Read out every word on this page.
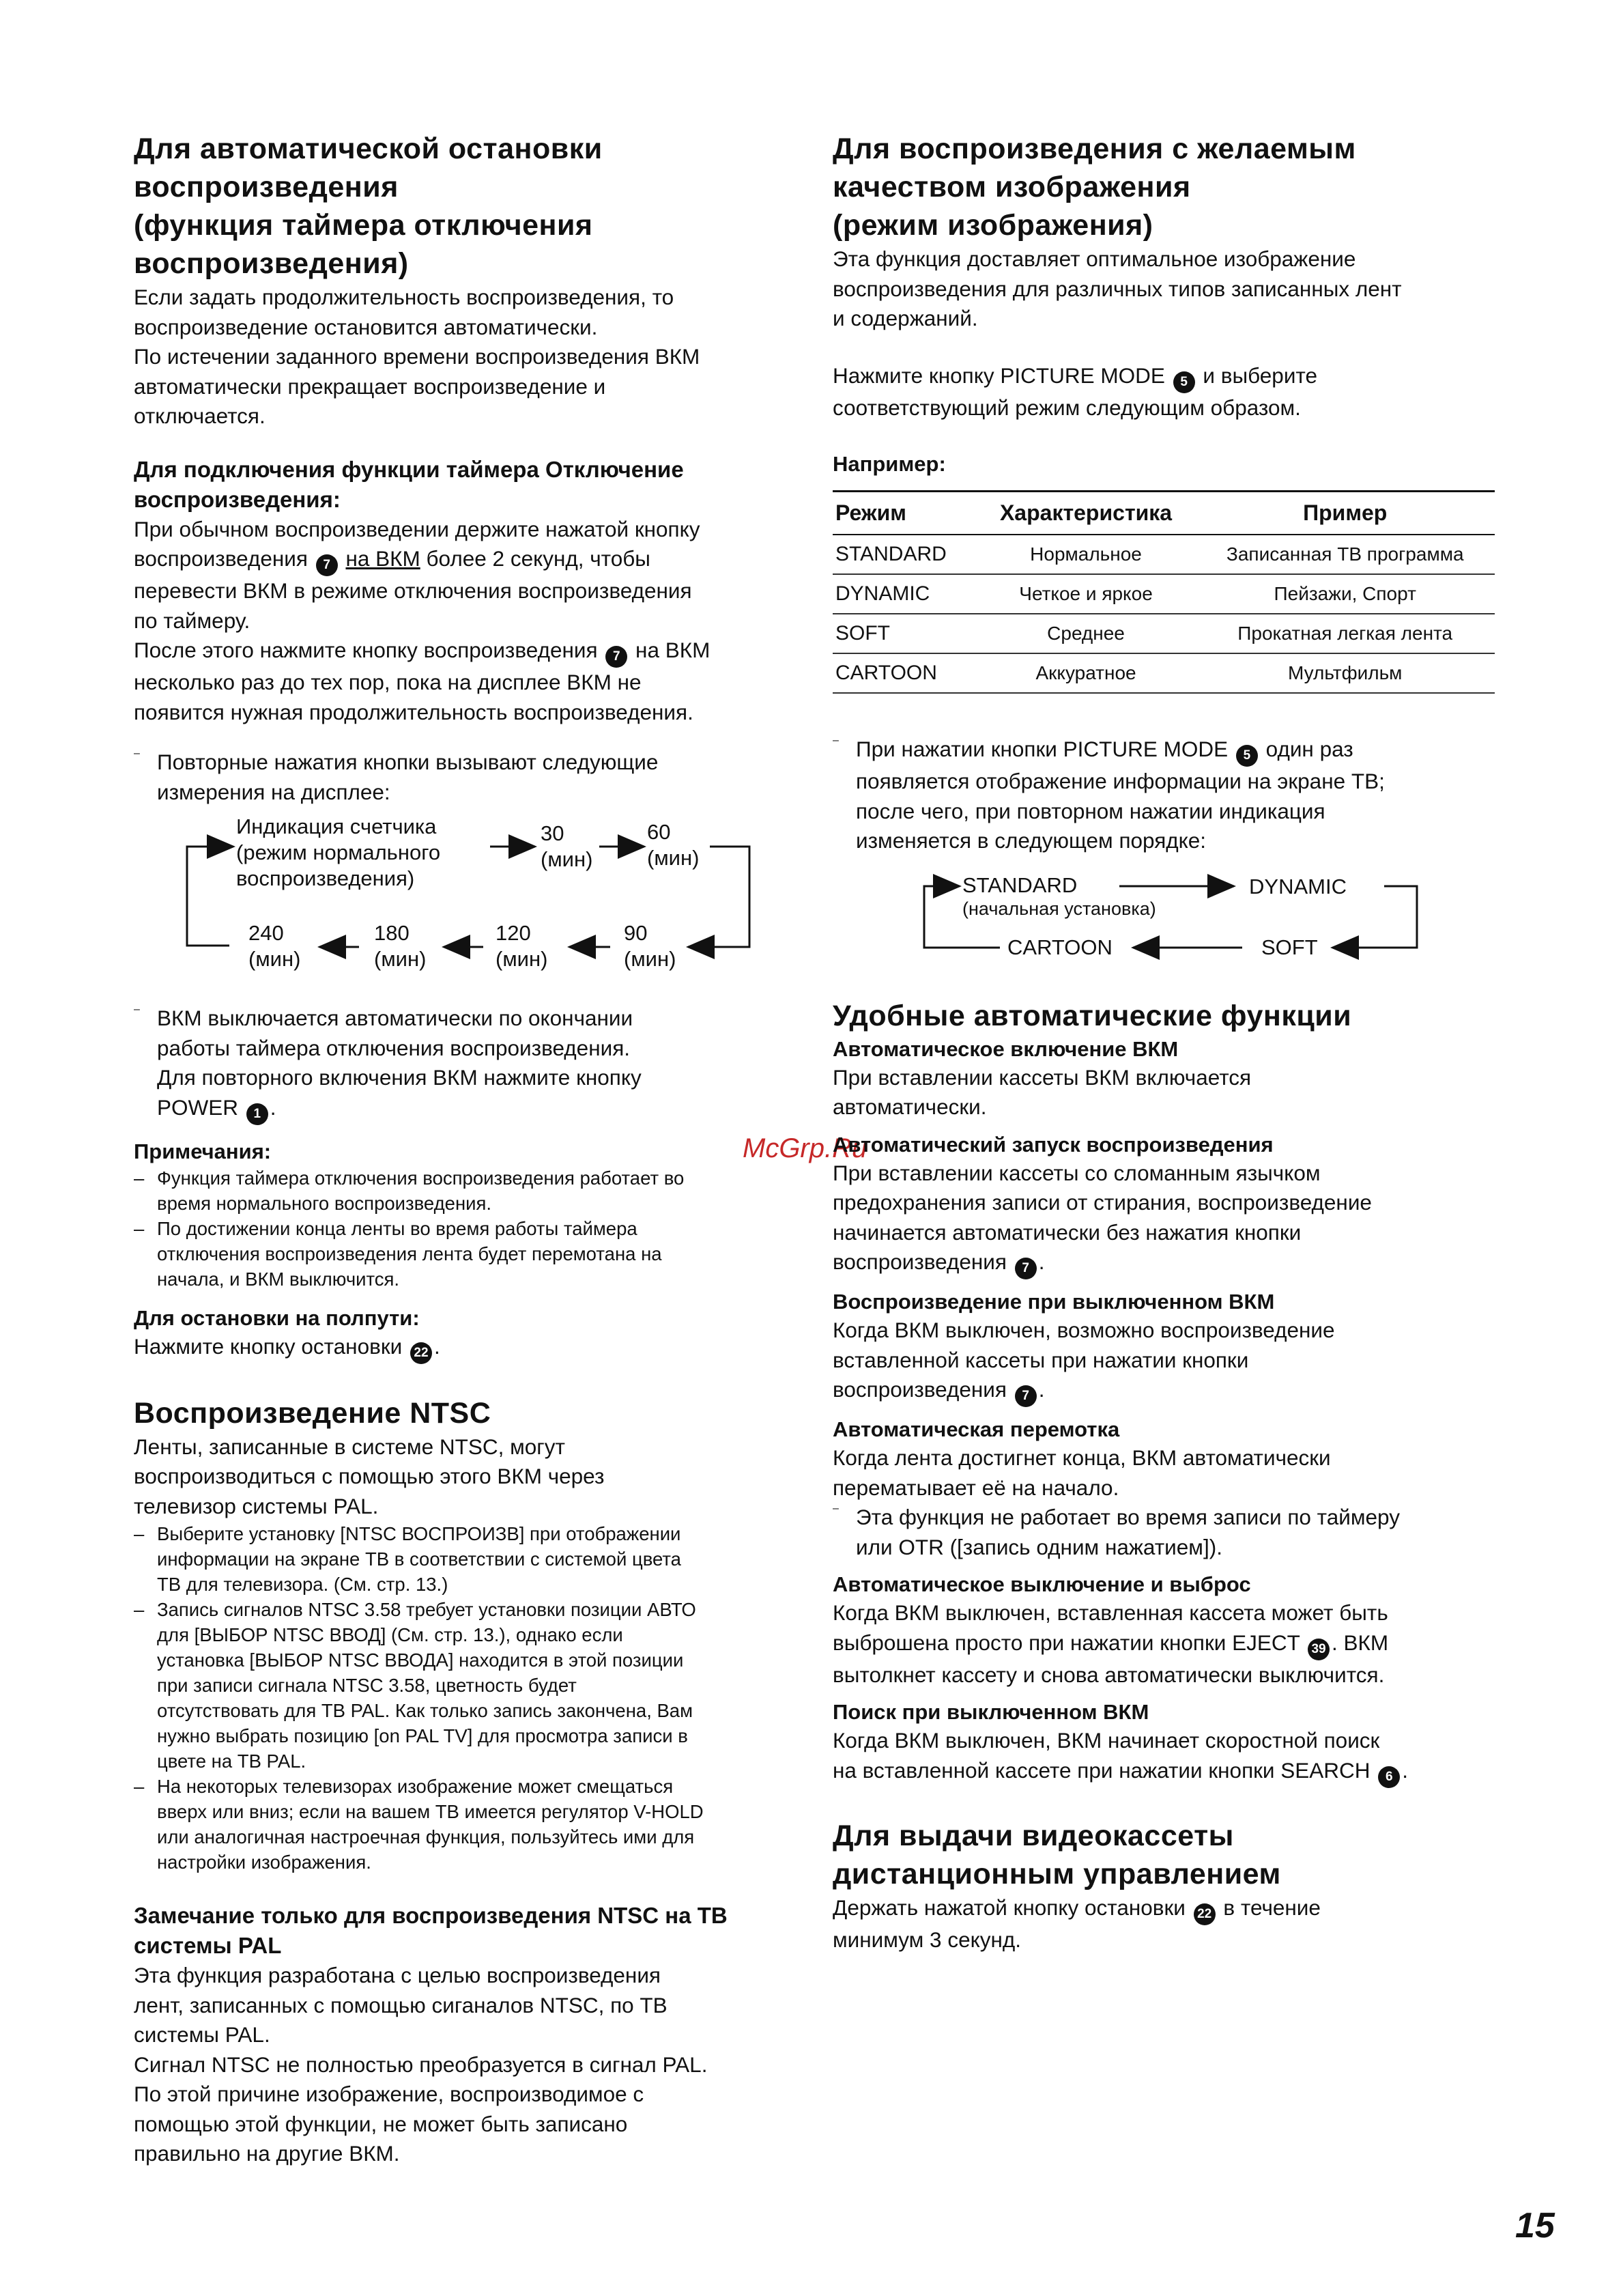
McGrp.Ru
Для автоматической остановки
воспроизведения
(функция таймера отключения
воспроизведения)

Если задать продолжительность воспроизведения, то

воспроизведение остановится автоматически.

По истечении заданного времени воспроизведения ВКМ

автоматически прекращает воспроизведение и

отключается.

Для подключения функции таймера Отключение
воспроизведения:

При обычном воспроизведении держите нажатой кнопку

воспроизведения 7 на ВКМ более 2 секунд, чтобы

перевести ВКМ в режиме отключения воспроизведения

по таймеру.

После этого нажмите кнопку воспроизведения 7 на ВКМ

несколько раз до тех пор, пока на дисплее ВКМ не

появится нужная продолжительность воспроизведения.

– Повторные нажатия кнопки вызывают следующие

измерения на дисплее:

Индикация счетчика
(режим нормального
воспроизведения)
30
(мин)
60
(мин)
90
(мин)
120
(мин)
180
(мин)
240
(мин)

– ВКМ выключается автоматически по окончании

работы таймера отключения воспроизведения.

Для повторного включения ВКМ нажмите кнопку

POWER 1 .

Примечания:
– Функция таймера отключения воспроизведения работает во
время нормального воспроизведения.
– По достижении конца ленты во время работы таймера
отключения воспроизведения лента будет перемотана на
начала, и ВКМ выключится.
Для остановки на полпути:

Нажмите кнопку остановки 22 .

Воспроизведение NTSC

Ленты, записанные в системе NTSC, могут

воспроизводиться с помощью этого ВКМ через

телевизор системы PAL.

– Выберите установку [NTSC ВОСПРОИЗВ] при отображении
информации на экране ТВ в соответствии с системой цвета
ТВ для телевизора. (См. стр. 13.)
– Запись сигналов NTSC 3.58 требует установки позиции АВТО
для [ВЫБОР NTSC ВВОД] (См. стр. 13.), однако если
установка [ВЫБОР NTSC ВВОДА] находится в этой позиции
при записи сигнала NTSC 3.58, цветность будет
отсутствовать для ТВ PAL. Как только запись закончена, Вам
нужно выбрать позицию [on PAL TV] для просмотра записи в
цвете на ТВ PAL.
– На некоторых телевизорах изображение может смещаться
вверх или вниз; если на вашем ТВ имеется регулятор V-HOLD
или аналогичная настроечная функция, пользуйтесь ими для
настройки изображения.
Замечание только для воспроизведения NTSC на ТВ
системы PAL

Эта функция разработана с целью воспроизведения

лент, записанных с помощью сиганалов NTSC, по ТВ

системы PAL.

Сигнал NTSC не полностью преобразуется в сигнал PAL.

По этой причине изображение, воспроизводимое с

помощью этой функции, не может быть записано

правильно на другие ВКМ.

Для воспроизведения с желаемым
качеством изображения
(режим изображения)

Эта функция доставляет оптимальное изображение

воспроизведения для различных типов записанных лент

и содержаний.

Нажмите кнопку PICTURE MODE 5 и выберите

соответствующий режим следующим образом.

Например:
Режим	Характеристика	Пример
STANDARD	Нормальное	Записанная ТВ программа
DYNAMIC	Четкое и яркое	Пейзажи, Спорт
SOFT	Среднее	Прокатная легкая лента
CARTOON	Аккуратное	Мультфильм

– При нажатии кнопки PICTURE MODE 5 один раз

появляется отображение информации на экране ТВ;

после чего, при повторном нажатии индикация

изменяется в следующем порядке:

STANDARD
(начальная установка)
DYNAMIC
SOFT
CARTOON
Удобные автоматические функции
Автоматическое включение ВКМ

При вставлении кассеты ВКМ включается

автоматически.

Автоматический запуск воспроизведения

При вставлении кассеты со сломанным язычком

предохранения записи от стирания, воспроизведение

начинается автоматически без нажатия кнопки

воспроизведения 7 .

Воспроизведение при выключенном ВКМ

Когда ВКМ выключен, возможно воспроизведение

вставленной кассеты при нажатии кнопки

воспроизведения 7 .

Автоматическая перемотка

Когда лента достигнет конца, ВКМ автоматически

перематывает её на начало.

– Эта функция не работает во время записи по таймеру

или OTR ([запись одним нажатием]).

Автоматическое выключение и выброс

Когда ВКМ выключен, вставленная кассета может быть

выброшена просто при нажатии кнопки EJECT 39 . ВКМ

вытолкнет кассету и снова автоматически выключится.

Поиск при выключенном ВКМ

Когда ВКМ выключен, ВКМ начинает скоростной поиск

на вставленной кассете при нажатии кнопки SEARCH 6 .

Для выдачи видеокассеты
дистанционным управлением

Держать нажатой кнопку остановки 22 в течение

минимум 3 секунд.

15
